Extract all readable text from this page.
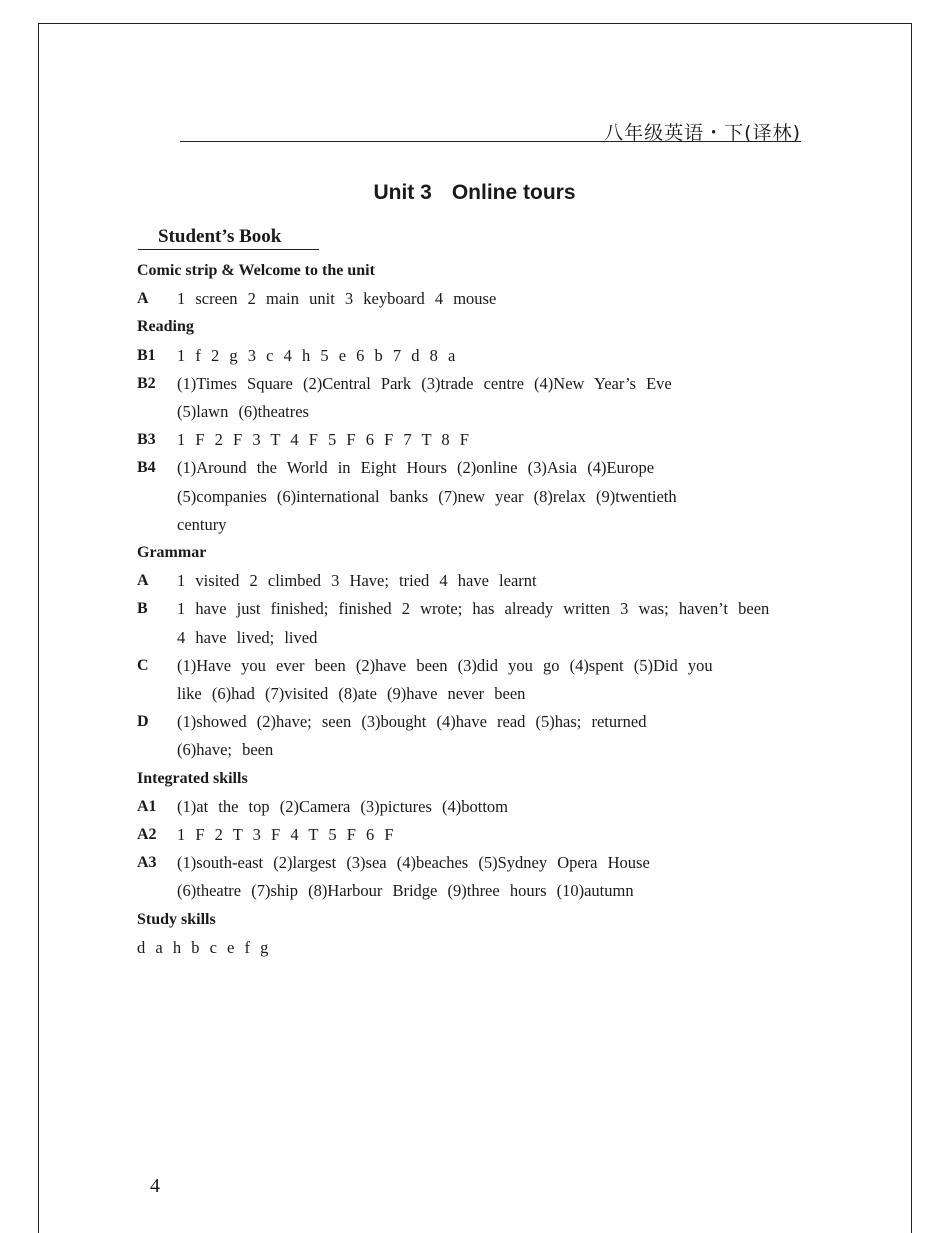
八年级英语・下(译林)
Unit 3 Online tours
Student’s Book
Comic strip & Welcome to the unit
A	1 screen 2 main unit 3 keyboard 4 mouse
Reading
B1	1 f 2 g 3 c 4 h 5 e 6 b 7 d 8 a
B2	(1)Times Square (2)Central Park (3)trade centre (4)New Year’s Eve
(5)lawn (6)theatres
B3	1 F 2 F 3 T 4 F 5 F 6 F 7 T 8 F
B4	(1)Around the World in Eight Hours (2)online (3)Asia (4)Europe
(5)companies (6)international banks (7)new year (8)relax (9)twentieth
century
Grammar
A	1 visited 2 climbed 3 Have; tried 4 have learnt
B	1 have just finished; finished 2 wrote; has already written 3 was; haven’t been
4 have lived; lived
C	(1)Have you ever been (2)have been (3)did you go (4)spent (5)Did you
like (6)had (7)visited (8)ate (9)have never been
D	(1)showed (2)have; seen (3)bought (4)have read (5)has; returned
(6)have; been
Integrated skills
A1	(1)at the top (2)Camera (3)pictures (4)bottom
A2	1 F 2 T 3 F 4 T 5 F 6 F
A3	(1)south-east (2)largest (3)sea (4)beaches (5)Sydney Opera House
(6)theatre (7)ship (8)Harbour Bridge (9)three hours (10)autumn
Study skills
d a h b c e f g
4
